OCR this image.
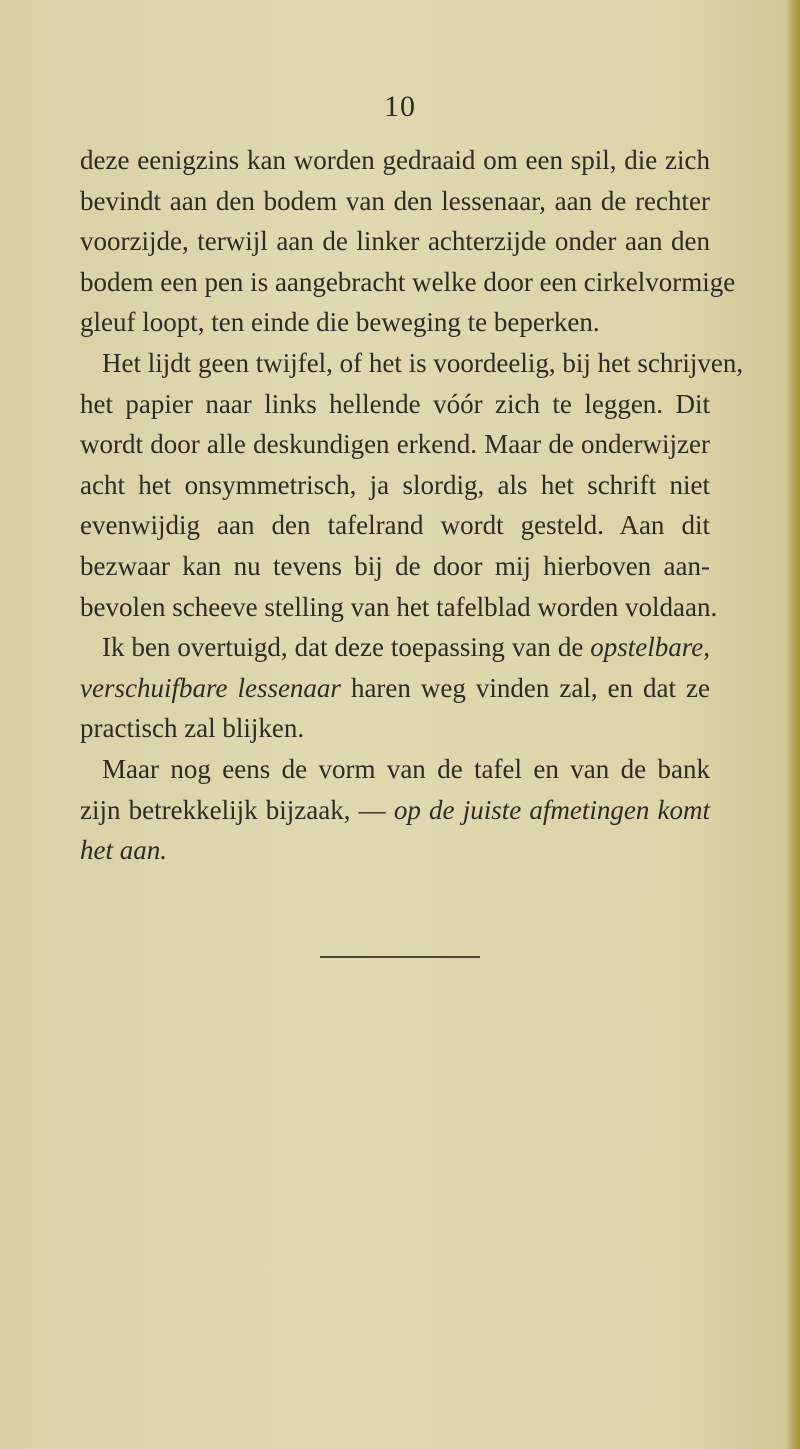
10
deze eenigzins kan worden gedraaid om een spil, die zich
bevindt aan den bodem van den lessenaar, aan de rechter
voorzijde, terwijl aan de linker achterzijde onder aan den
bodem een pen is aangebracht welke door een cirkelvormige
gleuf loopt, ten einde die beweging te beperken.
Het lijdt geen twijfel, of het is voordeelig, bij het schrijven,
het papier naar links hellende vóór zich te leggen. Dit
wordt door alle deskundigen erkend. Maar de onderwijzer
acht het onsymmetrisch, ja slordig, als het schrift niet
evenwijdig aan den tafelrand wordt gesteld. Aan dit
bezwaar kan nu tevens bij de door mij hierboven aan-
bevolen scheeve stelling van het tafelblad worden voldaan.
Ik ben overtuigd, dat deze toepassing van de opstelbare,
verschuifbare lessenaar haren weg vinden zal, en dat ze
practisch zal blijken.
Maar nog eens de vorm van de tafel en van de bank
zijn betrekkelijk bijzaak, — op de juiste afmetingen komt
het aan.
